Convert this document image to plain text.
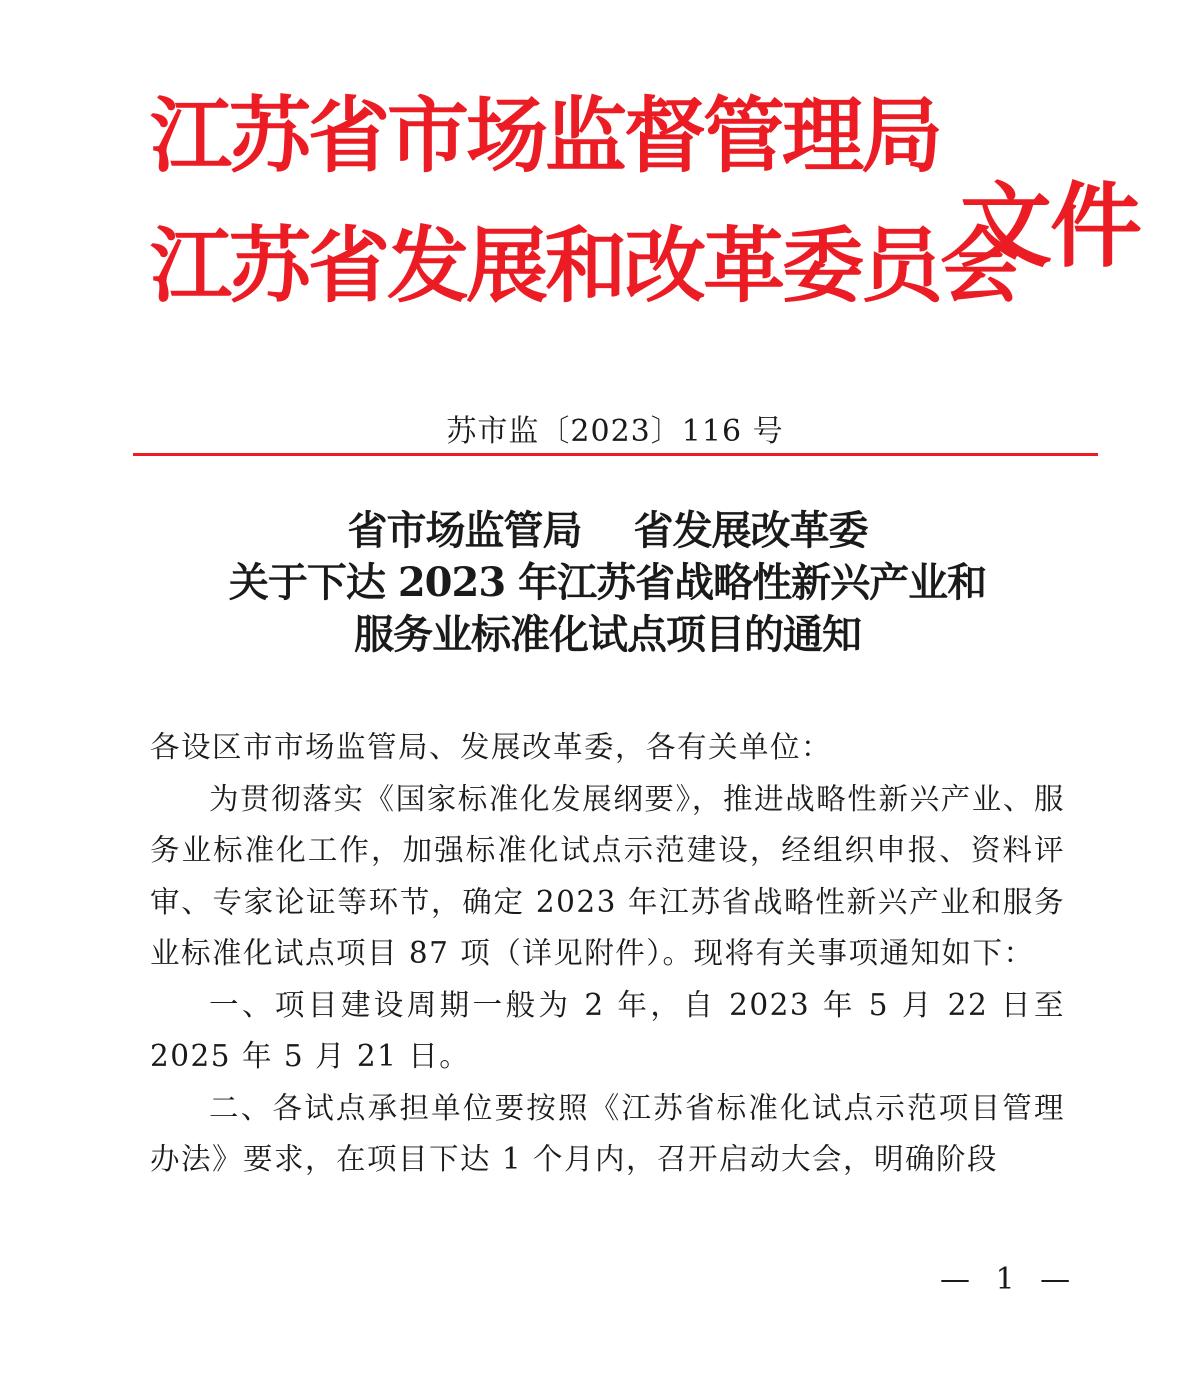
江苏省市场监督管理局
江苏省发展和改革委员会
文件
苏市监〔2023〕116 号
省市场监管局　 省发展改革委
关于下达 2023 年江苏省战略性新兴产业和
服务业标准化试点项目的通知

各设区市市场监管局、发展改革委，各有关单位：

为贯彻落实《国家标准化发展纲要》，推进战略性新兴产业、服务业标准化工作，加强标准化试点示范建设，经组织申报、资料评审、专家论证等环节，确定 2023 年江苏省战略性新兴产业和服务业标准化试点项目 87 项（详见附件）。现将有关事项通知如下：

一、项目建设周期一般为 2 年，自 2023 年 5 月 22 日至 2025 年 5 月 21 日。

二、各试点承担单位要按照《江苏省标准化试点示范项目管理办法》要求，在项目下达 1 个月内，召开启动大会，明确阶段

— 1 —
